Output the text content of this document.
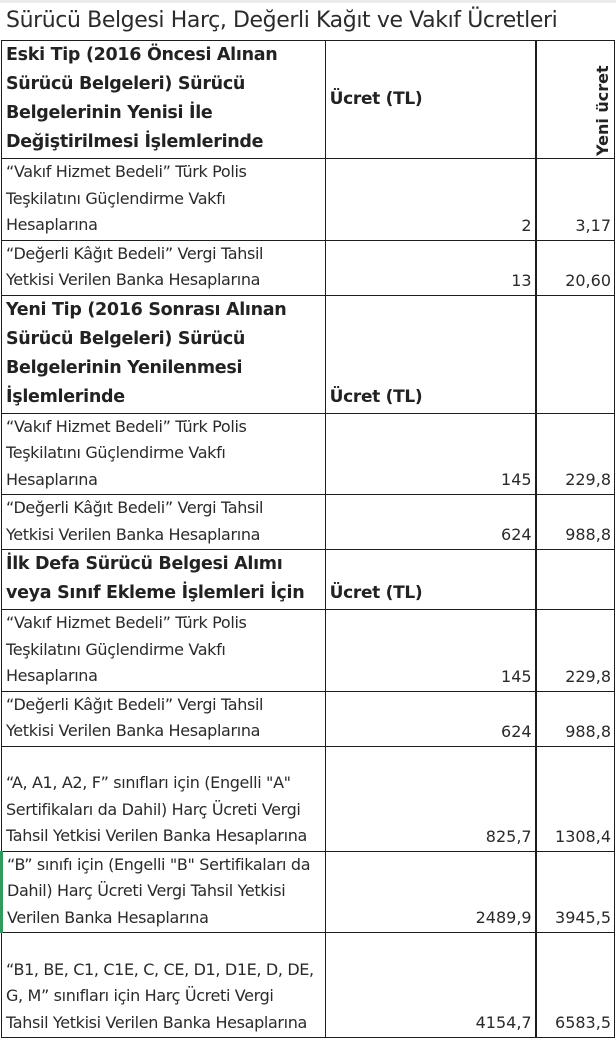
Sürücü Belgesi Harç, Değerli Kağıt ve Vakıf Ücretleri
Eski Tip (2016 Öncesi Alınan
Sürücü Belgeleri) Sürücü
Belgelerinin Yenisi İle
Değiştirilmesi İşlemlerinde	Ücret (TL)	Yeni ücret

“Vakıf Hizmet Bedeli” Türk Polis
Teşkilatını Güçlendirme Vakfı
Hesaplarına	2	3,17

“Değerli Kâğıt Bedeli” Vergi Tahsil
Yetkisi Verilen Banka Hesaplarına	13	20,60

Yeni Tip (2016 Sonrası Alınan
Sürücü Belgeleri) Sürücü
Belgelerinin Yenilenmesi
İşlemlerinde	Ücret (TL)	

“Vakıf Hizmet Bedeli” Türk Polis
Teşkilatını Güçlendirme Vakfı
Hesaplarına	145	229,8

“Değerli Kâğıt Bedeli” Vergi Tahsil
Yetkisi Verilen Banka Hesaplarına	624	988,8

İlk Defa Sürücü Belgesi Alımı
veya Sınıf Ekleme İşlemleri İçin	Ücret (TL)	

“Vakıf Hizmet Bedeli” Türk Polis
Teşkilatını Güçlendirme Vakfı
Hesaplarına	145	229,8

“Değerli Kâğıt Bedeli” Vergi Tahsil
Yetkisi Verilen Banka Hesaplarına	624	988,8

“A, A1, A2, F” sınıfları için (Engelli "A"
Sertifikaları da Dahil) Harç Ücreti Vergi
Tahsil Yetkisi Verilen Banka Hesaplarına	825,7	1308,4

“B” sınıfı için (Engelli "B" Sertifikaları da
Dahil) Harç Ücreti Vergi Tahsil Yetkisi
Verilen Banka Hesaplarına	2489,9	3945,5

“B1, BE, C1, C1E, C, CE, D1, D1E, D, DE,
G, M” sınıfları için Harç Ücreti Vergi
Tahsil Yetkisi Verilen Banka Hesaplarına	4154,7	6583,5
